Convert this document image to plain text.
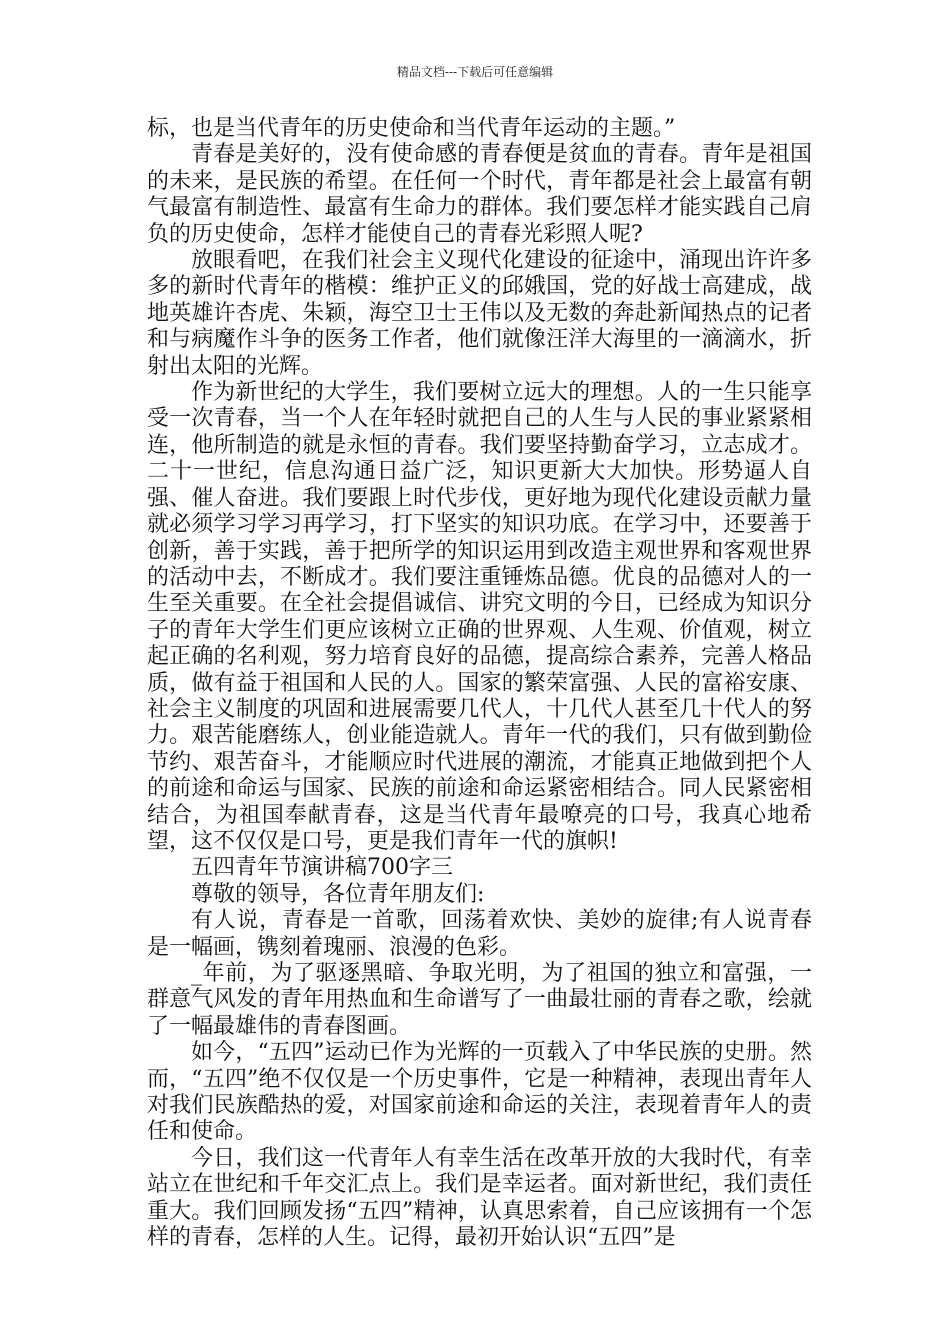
精品文档---下载后可任意编辑

标，也是当代青年的历史使命和当代青年运动的主题。”

青春是美好的，没有使命感的青春便是贫血的青春。青年是祖国的未来，是民族的希望。在任何一个时代，青年都是社会上最富有朝气最富有制造性、最富有生命力的群体。我们要怎样才能实践自己肩负的历史使命，怎样才能使自己的青春光彩照人呢?

放眼看吧，在我们社会主义现代化建设的征途中，涌现出许许多多的新时代青年的楷模：维护正义的邱娥国，党的好战士高建成，战地英雄许杏虎、朱颖，海空卫士王伟以及无数的奔赴新闻热点的记者和与病魔作斗争的医务工作者，他们就像汪洋大海里的一滴滴水，折射出太阳的光辉。

作为新世纪的大学生，我们要树立远大的理想。人的一生只能享受一次青春，当一个人在年轻时就把自己的人生与人民的事业紧紧相连，他所制造的就是永恒的青春。我们要坚持勤奋学习，立志成才。二十一世纪，信息沟通日益广泛，知识更新大大加快。形势逼人自强、催人奋进。我们要跟上时代步伐，更好地为现代化建设贡献力量就必须学习学习再学习，打下坚实的知识功底。在学习中，还要善于创新，善于实践，善于把所学的知识运用到改造主观世界和客观世界的活动中去，不断成才。我们要注重锤炼品德。优良的品德对人的一生至关重要。在全社会提倡诚信、讲究文明的今日，已经成为知识分子的青年大学生们更应该树立正确的世界观、人生观、价值观，树立起正确的名利观，努力培育良好的品德，提高综合素养，完善人格品质，做有益于祖国和人民的人。国家的繁荣富强、人民的富裕安康、社会主义制度的巩固和进展需要几代人，十几代人甚至几十代人的努力。艰苦能磨练人，创业能造就人。青年一代的我们，只有做到勤俭节约、艰苦奋斗，才能顺应时代进展的潮流，才能真正地做到把个人的前途和命运与国家、民族的前途和命运紧密相结合。同人民紧密相结合，为祖国奉献青春，这是当代青年最嘹亮的口号，我真心地希望，这不仅仅是口号，更是我们青年一代的旗帜!

五四青年节演讲稿700字三

尊敬的领导，各位青年朋友们:

有人说，青春是一首歌，回荡着欢快、美妙的旋律;有人说青春是一幅画，镌刻着瑰丽、浪漫的色彩。

_年前，为了驱逐黑暗、争取光明，为了祖国的独立和富强，一群意气风发的青年用热血和生命谱写了一曲最壮丽的青春之歌，绘就了一幅最雄伟的青春图画。

如今，“五四”运动已作为光辉的一页载入了中华民族的史册。然而，“五四”绝不仅仅是一个历史事件，它是一种精神，表现出青年人对我们民族酷热的爱，对国家前途和命运的关注，表现着青年人的责任和使命。

今日，我们这一代青年人有幸生活在改革开放的大我时代，有幸站立在世纪和千年交汇点上。我们是幸运者。面对新世纪，我们责任重大。我们回顾发扬“五四”精神，认真思索着，自己应该拥有一个怎样的青春，怎样的人生。记得，最初开始认识“五四”是
